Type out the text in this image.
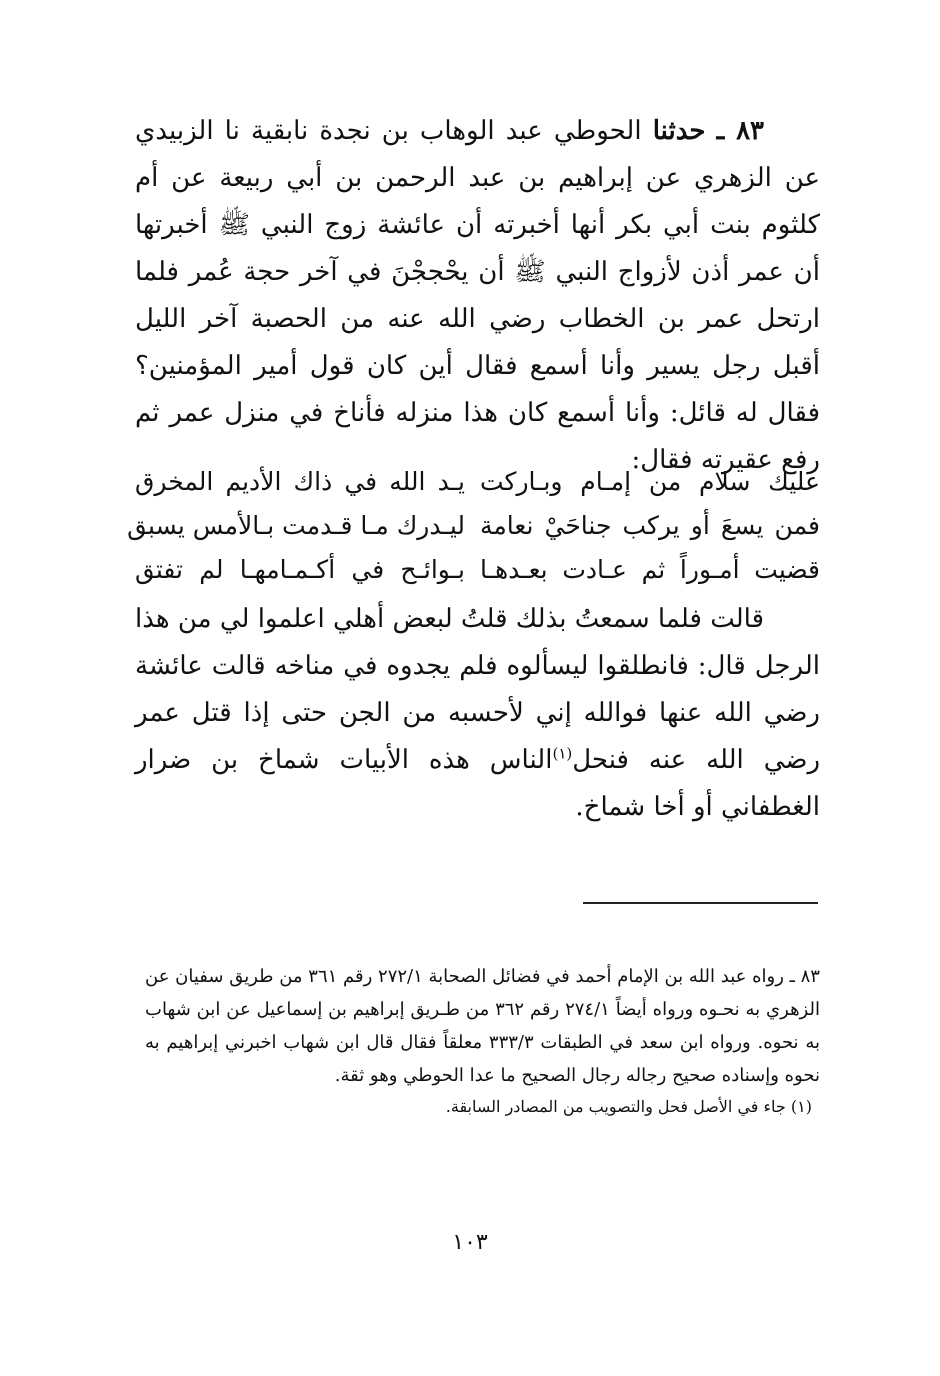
٨٣ ـ حدثنا الحوطي عبد الوهاب بن نجدة نابقية نا الزبيدي عن الزهري عن إبراهيم بن عبد الرحمن بن أبي ربيعة عن أم كلثوم بنت أبي بكر أنها أخبرته أن عائشة زوج النبي ﷺ أخبرتها أن عمر أذن لأزواج النبي ﷺ أن يحْججْنَ في آخر حجة عُمر فلما ارتحل عمر بن الخطاب رضي الله عنه من الحصبة آخر الليل أقبل رجل يسير وأنا أسمع فقال أين كان قول أمير المؤمنين؟ فقال له قائل: وأنا أسمع كان هذا منزله فأناخ في منزل عمر ثم رفع عقيرته فقال:

عليك سلام من إمـام وبـاركت
يـد الله في ذاك الأديم المخرق
فمن يسعَ أو يركب جناحَيْ نعامة
ليـدرك مـا قـدمت بـالأمس يسبق
قضيت أمـوراً ثم عـادت بعـدهـا
بـوائـح في أكـمـامهـا لم تفتق

قالت فلما سمعتُ بذلك قلتُ لبعض أهلي اعلموا لي من هذا الرجل قال: فانطلقوا ليسألوه فلم يجدوه في مناخه قالت عائشة رضي الله عنها فوالله إني لأحسبه من الجن حتى إذا قتل عمر رضي الله عنه فنحل$^{(١)}$الناس هذه الأبيات شماخ بن ضرار الغطفاني أو أخا شماخ.

٨٣ ـ رواه عبد الله بن الإمام أحمد في فضائل الصحابة ٢٧٢/١ رقم ٣٦١ من طريق سفيان عن الزهري به نحـوه ورواه أيضاً ٢٧٤/١ رقم ٣٦٢ من طـريق إبراهيم بن إسماعيل عن ابن شهاب به نحوه. ورواه ابن سعد في الطبقات ٣٣٣/٣ معلقاً فقال قال ابن شهاب اخبرني إبراهيم به نحوه وإسناده صحيح رجاله رجال الصحيح ما عدا الحوطي وهو ثقة.

(١) جاء في الأصل فحل والتصويب من المصادر السابقة.

١٠٣
